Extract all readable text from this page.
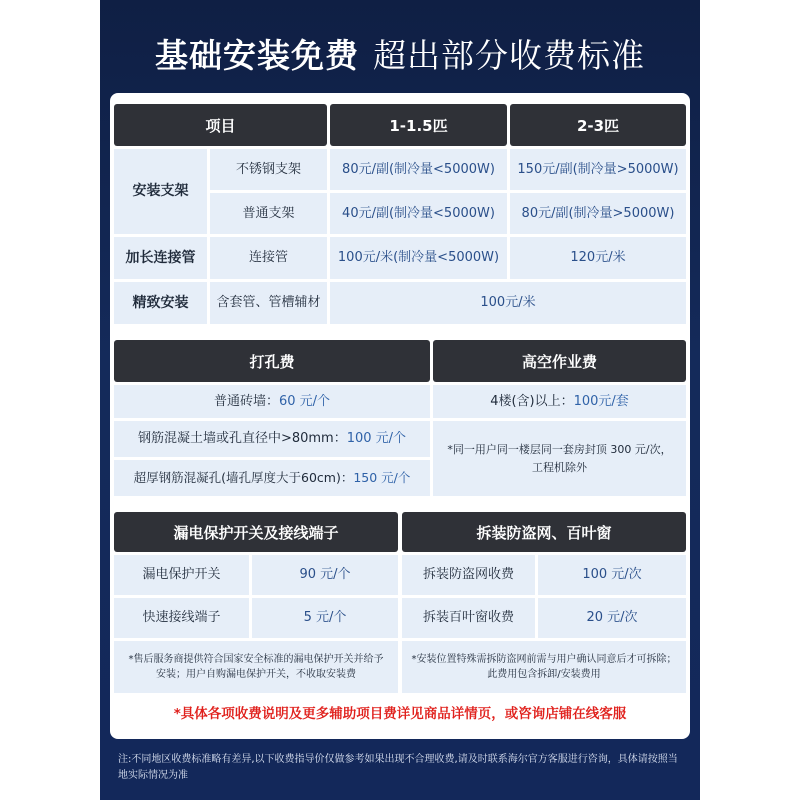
基础安装免费 超出部分收费标准
项目	1-1.5匹	2-3匹
安装支架
不锈钢支架	80元/副(制冷量<5000W)	150元/副(制冷量>5000W)
普通支架	40元/副(制冷量<5000W)	80元/副(制冷量>5000W)
加长连接管	连接管	100元/米(制冷量<5000W)	120元/米
精致安装	含套管、管槽辅材	100元/米
打孔费
普通砖墙： 60 元/个
钢筋混凝土墙或孔直径中>80mm： 100 元/个
超厚钢筋混凝孔(墙孔厚度大于60cm)： 150 元/个
高空作业费
4楼(含)以上： 100元/套
*同一用户同一楼层同一套房封顶 300 元/次，
工程机除外
漏电保护开关及接线端子
漏电保护开关	90 元/个
快速接线端子	5 元/个
*售后服务商提供符合国家安全标准的漏电保护开关并给予
安装；用户自购漏电保护开关，不收取安装费
拆装防盗网、百叶窗
拆装防盗网收费	100 元/次
拆装百叶窗收费	20 元/次
*安装位置特殊需拆防盗网前需与用户确认同意后才可拆除；
此费用包含拆卸/安装费用
*具体各项收费说明及更多辅助项目费详见商品详情页，或咨询店铺在线客服
注:不同地区收费标准略有差异,以下收费指导价仅做参考如果出现不合理收费,请及时联系海尔官方客服进行咨询，具体请按照当地实际情况为准
